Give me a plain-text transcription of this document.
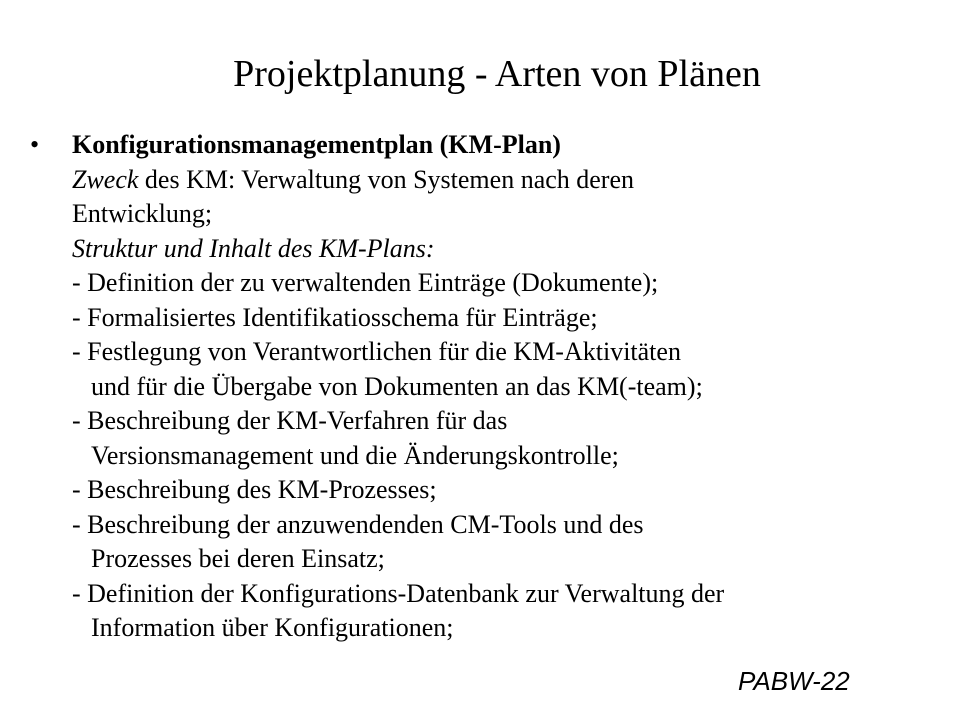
Projektplanung - Arten von Plänen
• Konfigurationsmanagementplan (KM-Plan)
Zweck des KM: Verwaltung von Systemen nach deren
Entwicklung;
Struktur und Inhalt des KM-Plans:
- Definition der zu verwaltenden Einträge (Dokumente);
- Formalisiertes Identifikatiosschema für Einträge;
- Festlegung von Verantwortlichen für die KM-Aktivitäten
und für die Übergabe von Dokumenten an das KM(-team);
- Beschreibung der KM-Verfahren für das
Versionsmanagement und die Änderungskontrolle;
- Beschreibung des KM-Prozesses;
- Beschreibung der anzuwendenden CM-Tools und des
Prozesses bei deren Einsatz;
- Definition der Konfigurations-Datenbank zur Verwaltung der
Information über Konfigurationen;
PABW-22
